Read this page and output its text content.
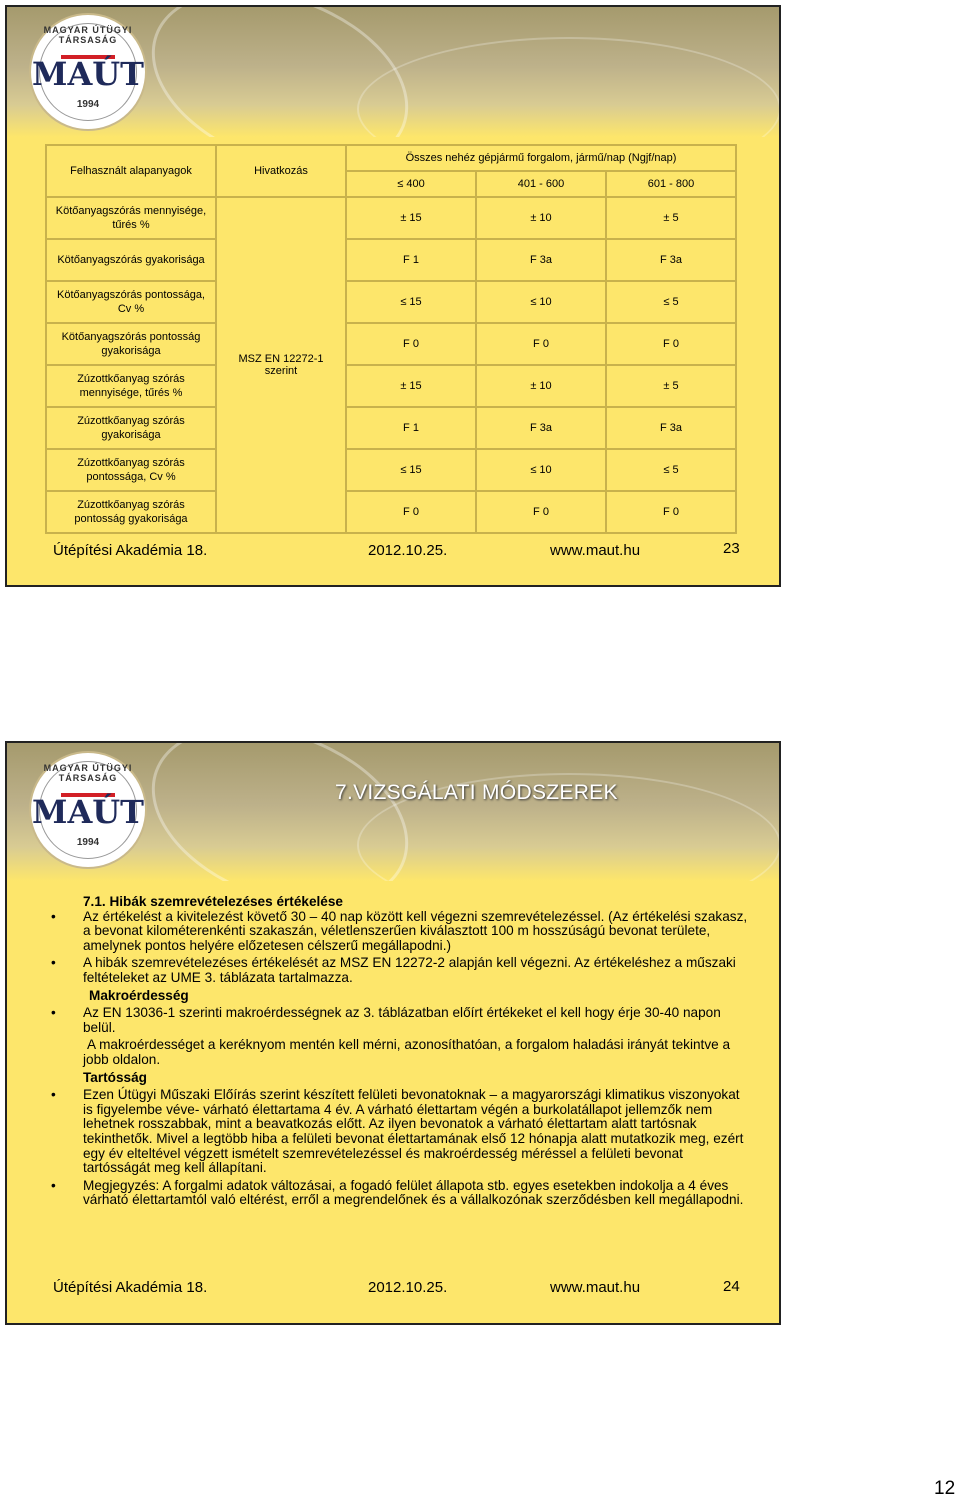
MAGYAR ÚTÜGYI TÁRSASÁG
MAÚT
1994
Felhasznált alapanyagok	Hivatkozás	Összes nehéz gépjármű forgalom, jármű/nap (Ngjf/nap)		
		≤ 400	401 - 600	601 - 800
Kötőanyagszórás mennyisége, tűrés %	MSZ EN 12272-1 szerint	± 15	± 10	± 5
Kötőanyagszórás gyakorisága		F 1	F 3a	F 3a
Kötőanyagszórás pontossága, Cv %		≤ 15	≤ 10	≤ 5
Kötőanyagszórás pontosság gyakorisága		F 0	F 0	F 0
Zúzottkőanyag szórás mennyisége, tűrés %		± 15	± 10	± 5
Zúzottkőanyag szórás gyakorisága		F 1	F 3a	F 3a
Zúzottkőanyag szórás pontossága, Cv %		≤ 15	≤ 10	≤ 5
Zúzottkőanyag szórás pontosság gyakorisága		F 0	F 0	F 0
Útépítési Akadémia 18.	2012.10.25.	www.maut.hu	23
MAGYAR ÚTÜGYI TÁRSASÁG
MAÚT
1994
7.VIZSGÁLATI MÓDSZEREK
7.1. Hibák szemrevételezéses értékelése
• Az értékelést a kivitelezést követő 30 – 40 nap között kell végezni szemrevételezéssel. (Az értékelési szakasz, a bevonat kilométerenkénti szakaszán, véletlenszerűen kiválasztott 100 m hosszúságú bevonat területe, amelynek pontos helyére előzetesen célszerű megállapodni.)
• A hibák szemrevételezéses értékelését az MSZ EN 12272-2 alapján kell végezni. Az értékeléshez a műszaki feltételeket az UME 3. táblázata tartalmazza.
Makroérdesség
• Az EN 13036-1 szerinti makroérdességnek az 3. táblázatban előírt értékeket el kell hogy érje 30-40 napon belül.
A makroérdességet a keréknyom mentén kell mérni, azonosíthatóan, a forgalom haladási irányát tekintve a jobb oldalon.
Tartósság
• Ezen Útügyi Műszaki Előírás szerint készített felületi bevonatoknak – a magyarországi klimatikus viszonyokat is figyelembe véve- várható élettartama 4 év. A várható élettartam végén a burkolatállapot jellemzők nem lehetnek rosszabbak, mint a beavatkozás előtt. Az ilyen bevonatok a várható élettartam alatt tartósnak tekinthetők. Mivel a legtöbb hiba a felületi bevonat élettartamának első 12 hónapja alatt mutatkozik meg, ezért egy év elteltével végzett ismételt szemrevételezéssel és makroérdesség méréssel a felületi bevonat tartósságát meg kell állapítani.
• Megjegyzés: A forgalmi adatok változásai, a fogadó felület állapota stb. egyes esetekben indokolja a 4 éves várható élettartamtól való eltérést, erről a megrendelőnek és a vállalkozónak szerződésben kell megállapodni.
Útépítési Akadémia 18.	2012.10.25.	www.maut.hu	24
12
